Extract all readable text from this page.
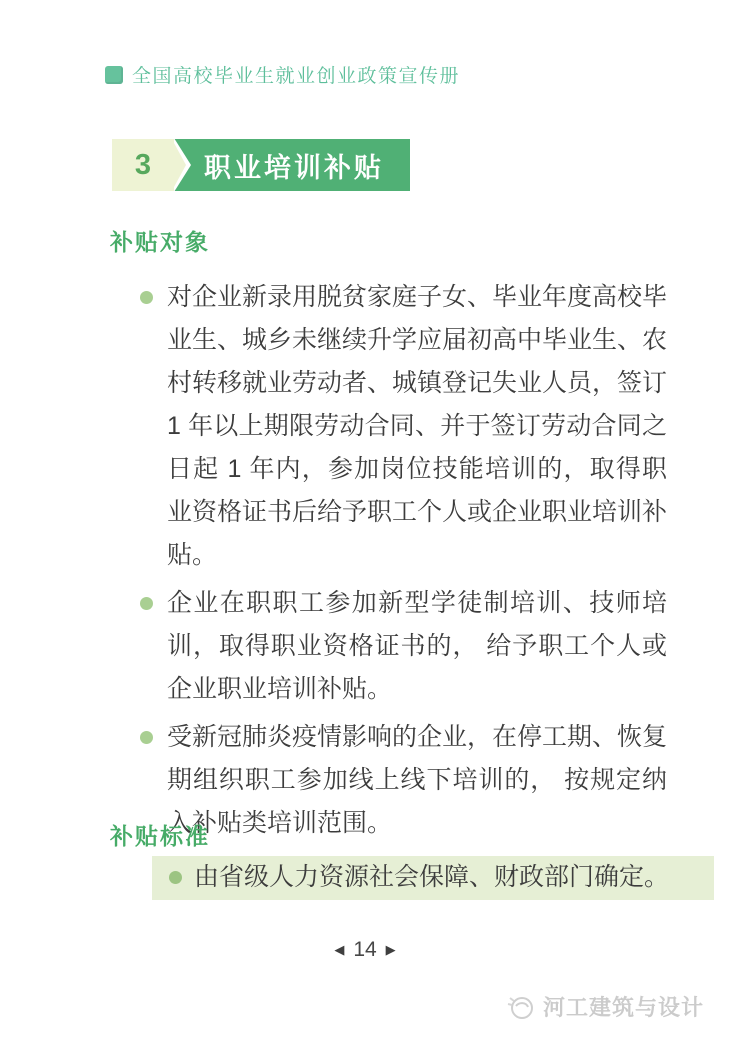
全国高校毕业生就业创业政策宣传册
3	职业培训补贴
补贴对象
对企业新录用脱贫家庭子女、毕业年度高校毕业生、城乡未继续升学应届初高中毕业生、农村转移就业劳动者、城镇登记失业人员，签订 1 年以上期限劳动合同、并于签订劳动合同之日起 1 年内，参加岗位技能培训的，取得职业资格证书后给予职工个人或企业职业培训补贴。
企业在职职工参加新型学徒制培训、技师培训，取得职业资格证书的， 给予职工个人或企业职业培训补贴。
受新冠肺炎疫情影响的企业，在停工期、恢复期组织职工参加线上线下培训的， 按规定纳入补贴类培训范围。
补贴标准
由省级人力资源社会保障、财政部门确定。
◀ 14 ▶
河工建筑与设计
